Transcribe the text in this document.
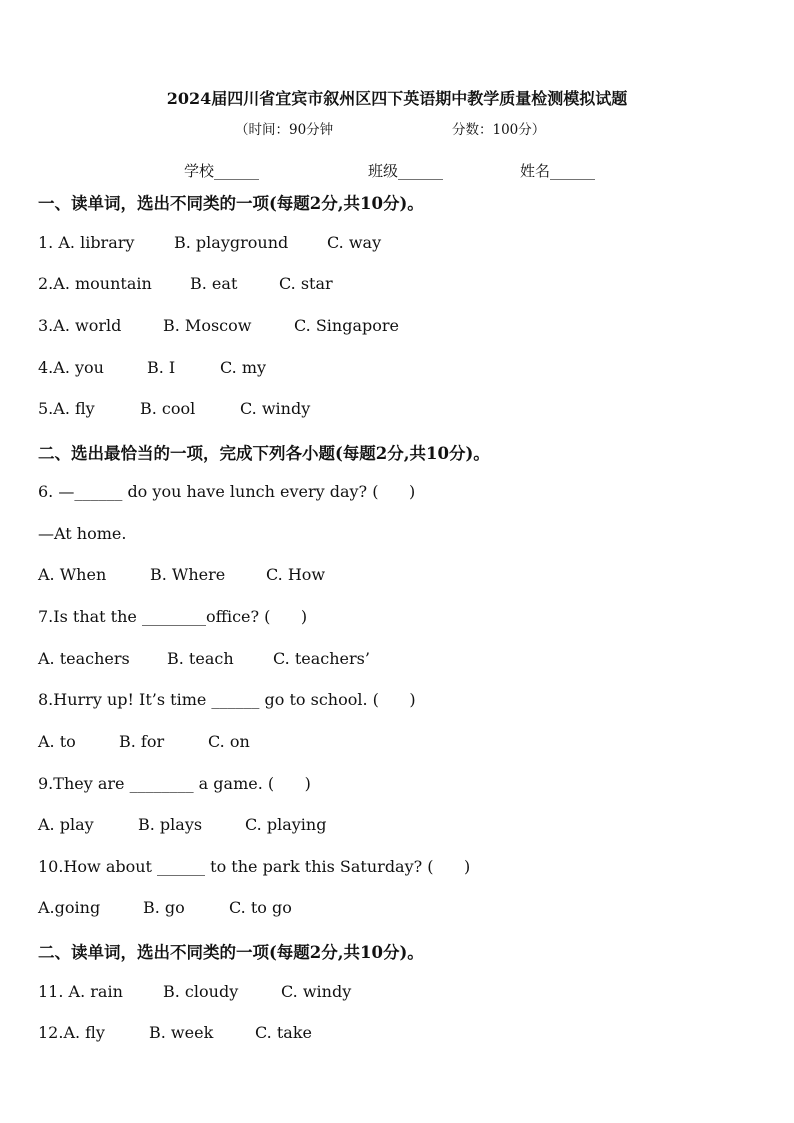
2024届四川省宜宾市叙州区四下英语期中教学质量检测模拟试题
（时间：90分钟	分数：100分）
学校______	班级______	姓名______
一、读单词，选出不同类的一项(每题2分,共10分)。
1. A. library B. playground C. way
2.A. mountain B. eat	C. star
3.A. world	B. Moscow	C. Singapore
4.A. you	B. I	C. my
5.A. fly	B. cool	C. windy
二、选出最恰当的一项，完成下列各小题(每题2分,共10分)。
6. —______ do you have lunch every day? (      )
—At home.
A. When	B. Where	C. How
7.Is that the ________office? (      )
A. teachers B. teach C. teachers’
8.Hurry up! It’s time ______ go to school. (      )
A. to	B. for	C. on
9.They are ________ a game. (      )
A. play	B. plays	C. playing
10.How about ______ to the park this Saturday? (      )
A.going	B. go	C. to go
二、读单词，选出不同类的一项(每题2分,共10分)。
11. A. rain	B. cloudy	C. windy
12.A. fly	B. week	C. take
